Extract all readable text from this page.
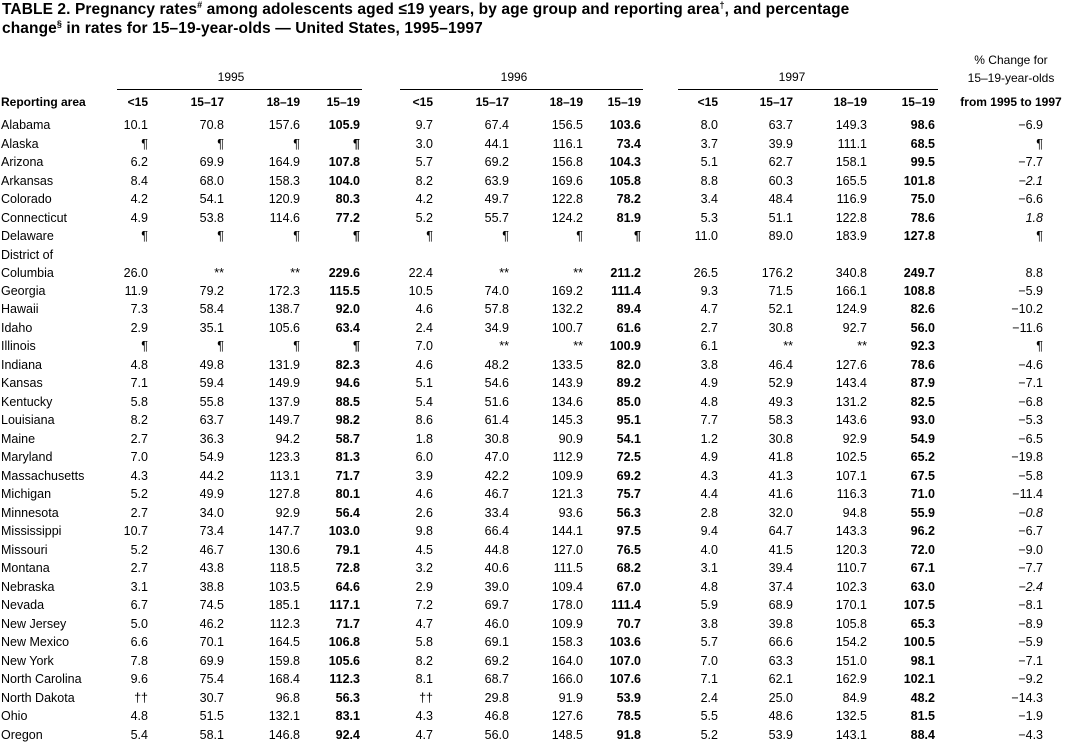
TABLE 2. Pregnancy rates# among adolescents aged ≤19 years, by age group and reporting area†, and percentage
change§ in rates for 15–19-year-olds — United States, 1995–1997
% Change for
15–19-year-olds
1995	1996	1997
Reporting area	from 1995 to 1997
<15	15–17	18–19	15–19	<15	15–17	18–19	15–19	<15	15–17	18–19	15–19
Alabama	10.1	70.8	157.6	105.9	9.7	67.4	156.5	103.6	8.0	63.7	149.3	98.6	−6.9
Alaska	¶	¶	¶	¶	3.0	44.1	116.1	73.4	3.7	39.9	111.1	68.5	¶
Arizona	6.2	69.9	164.9	107.8	5.7	69.2	156.8	104.3	5.1	62.7	158.1	99.5	−7.7
Arkansas	8.4	68.0	158.3	104.0	8.2	63.9	169.6	105.8	8.8	60.3	165.5	101.8	−2.1
Colorado	4.2	54.1	120.9	80.3	4.2	49.7	122.8	78.2	3.4	48.4	116.9	75.0	−6.6
Connecticut	4.9	53.8	114.6	77.2	5.2	55.7	124.2	81.9	5.3	51.1	122.8	78.6	1.8
Delaware	¶	¶	¶	¶	¶	¶	¶	¶	11.0	89.0	183.9	127.8	¶
District of
Columbia	26.0	**	**	229.6	22.4	**	**	211.2	26.5	176.2	340.8	249.7	8.8
Georgia	11.9	79.2	172.3	115.5	10.5	74.0	169.2	111.4	9.3	71.5	166.1	108.8	−5.9
Hawaii	7.3	58.4	138.7	92.0	4.6	57.8	132.2	89.4	4.7	52.1	124.9	82.6	−10.2
Idaho	2.9	35.1	105.6	63.4	2.4	34.9	100.7	61.6	2.7	30.8	92.7	56.0	−11.6
Illinois	¶	¶	¶	¶	7.0	**	**	100.9	6.1	**	**	92.3	¶
Indiana	4.8	49.8	131.9	82.3	4.6	48.2	133.5	82.0	3.8	46.4	127.6	78.6	−4.6
Kansas	7.1	59.4	149.9	94.6	5.1	54.6	143.9	89.2	4.9	52.9	143.4	87.9	−7.1
Kentucky	5.8	55.8	137.9	88.5	5.4	51.6	134.6	85.0	4.8	49.3	131.2	82.5	−6.8
Louisiana	8.2	63.7	149.7	98.2	8.6	61.4	145.3	95.1	7.7	58.3	143.6	93.0	−5.3
Maine	2.7	36.3	94.2	58.7	1.8	30.8	90.9	54.1	1.2	30.8	92.9	54.9	−6.5
Maryland	7.0	54.9	123.3	81.3	6.0	47.0	112.9	72.5	4.9	41.8	102.5	65.2	−19.8
Massachusetts	4.3	44.2	113.1	71.7	3.9	42.2	109.9	69.2	4.3	41.3	107.1	67.5	−5.8
Michigan	5.2	49.9	127.8	80.1	4.6	46.7	121.3	75.7	4.4	41.6	116.3	71.0	−11.4
Minnesota	2.7	34.0	92.9	56.4	2.6	33.4	93.6	56.3	2.8	32.0	94.8	55.9	−0.8
Mississippi	10.7	73.4	147.7	103.0	9.8	66.4	144.1	97.5	9.4	64.7	143.3	96.2	−6.7
Missouri	5.2	46.7	130.6	79.1	4.5	44.8	127.0	76.5	4.0	41.5	120.3	72.0	−9.0
Montana	2.7	43.8	118.5	72.8	3.2	40.6	111.5	68.2	3.1	39.4	110.7	67.1	−7.7
Nebraska	3.1	38.8	103.5	64.6	2.9	39.0	109.4	67.0	4.8	37.4	102.3	63.0	−2.4
Nevada	6.7	74.5	185.1	117.1	7.2	69.7	178.0	111.4	5.9	68.9	170.1	107.5	−8.1
New Jersey	5.0	46.2	112.3	71.7	4.7	46.0	109.9	70.7	3.8	39.8	105.8	65.3	−8.9
New Mexico	6.6	70.1	164.5	106.8	5.8	69.1	158.3	103.6	5.7	66.6	154.2	100.5	−5.9
New York	7.8	69.9	159.8	105.6	8.2	69.2	164.0	107.0	7.0	63.3	151.0	98.1	−7.1
North Carolina	9.6	75.4	168.4	112.3	8.1	68.7	166.0	107.6	7.1	62.1	162.9	102.1	−9.2
North Dakota	††	30.7	96.8	56.3	††	29.8	91.9	53.9	2.4	25.0	84.9	48.2	−14.3
Ohio	4.8	51.5	132.1	83.1	4.3	46.8	127.6	78.5	5.5	48.6	132.5	81.5	−1.9
Oregon	5.4	58.1	146.8	92.4	4.7	56.0	148.5	91.8	5.2	53.9	143.1	88.4	−4.3
